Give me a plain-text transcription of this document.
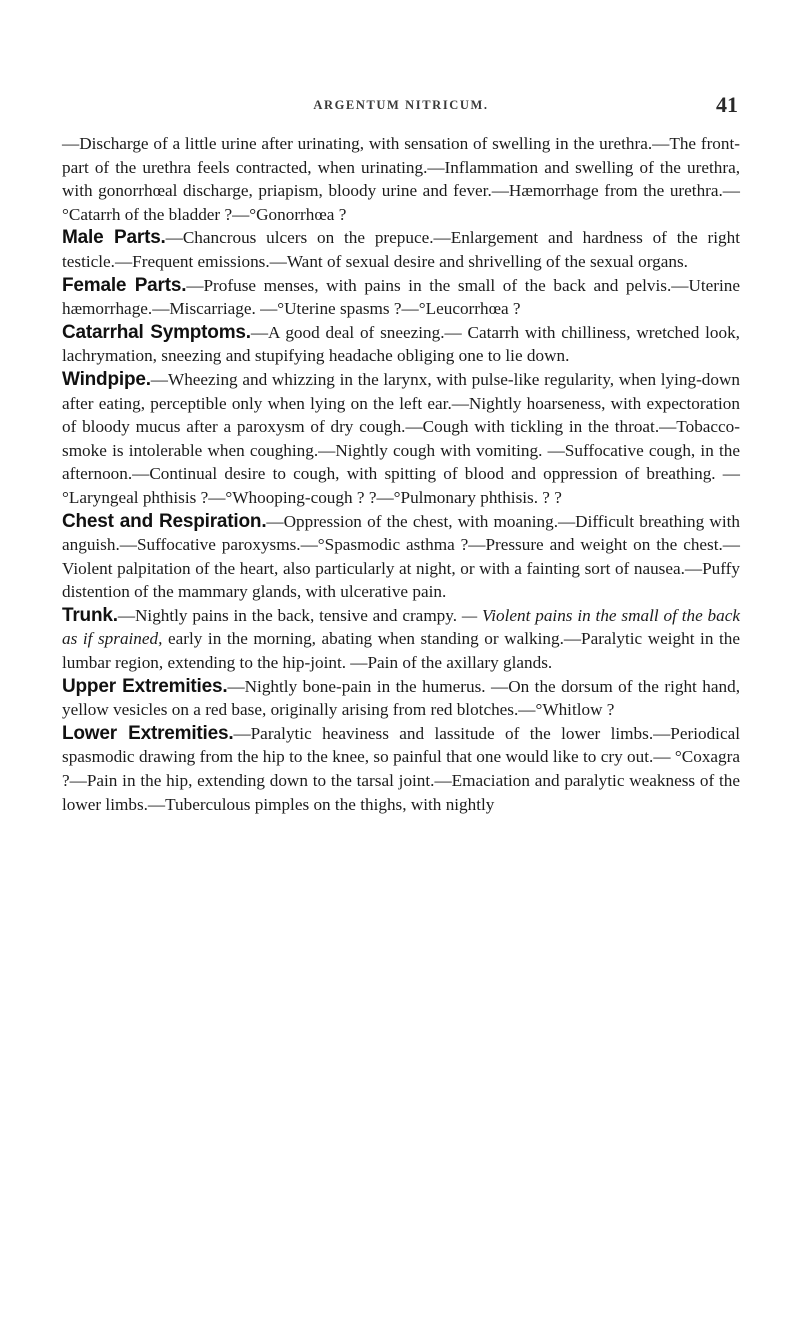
ARGENTUM NITRICUM.	41

—Discharge of a little urine after urinating, with sensation of swelling in the urethra.—The front-part of the urethra feels contracted, when urinating.—Inflammation and swelling of the urethra, with gonorrhœal discharge, priapism, bloody urine and fever.—Hæmorrhage from the urethra.— °Catarrh of the bladder ?—°Gonorrhœa ?

Male Parts.—Chancrous ulcers on the prepuce.—Enlargement and hardness of the right testicle.—Frequent emissions.—Want of sexual desire and shrivelling of the sexual organs.

Female Parts.—Profuse menses, with pains in the small of the back and pelvis.—Uterine hæmorrhage.—Miscarriage. —°Uterine spasms ?—°Leucorrhœa ?

Catarrhal Symptoms.—A good deal of sneezing.— Catarrh with chilliness, wretched look, lachrymation, sneezing and stupifying headache obliging one to lie down.

Windpipe.—Wheezing and whizzing in the larynx, with pulse-like regularity, when lying-down after eating, perceptible only when lying on the left ear.—Nightly hoarseness, with expectoration of bloody mucus after a paroxysm of dry cough.—Cough with tickling in the throat.—Tobacco-smoke is intolerable when coughing.—Nightly cough with vomiting. —Suffocative cough, in the afternoon.—Continual desire to cough, with spitting of blood and oppression of breathing. —°Laryngeal phthisis ?—°Whooping-cough ? ?—°Pulmonary phthisis. ? ?

Chest and Respiration.—Oppression of the chest, with moaning.—Difficult breathing with anguish.—Suffocative paroxysms.—°Spasmodic asthma ?—Pressure and weight on the chest.—Violent palpitation of the heart, also particularly at night, or with a fainting sort of nausea.—Puffy distention of the mammary glands, with ulcerative pain.

Trunk.—Nightly pains in the back, tensive and crampy. — Violent pains in the small of the back as if sprained, early in the morning, abating when standing or walking.—Paralytic weight in the lumbar region, extending to the hip-joint. —Pain of the axillary glands.

Upper Extremities.—Nightly bone-pain in the humerus. —On the dorsum of the right hand, yellow vesicles on a red base, originally arising from red blotches.—°Whitlow ?

Lower Extremities.—Paralytic heaviness and lassitude of the lower limbs.—Periodical spasmodic drawing from the hip to the knee, so painful that one would like to cry out.— °Coxagra ?—Pain in the hip, extending down to the tarsal joint.—Emaciation and paralytic weakness of the lower limbs.—Tuberculous pimples on the thighs, with nightly
